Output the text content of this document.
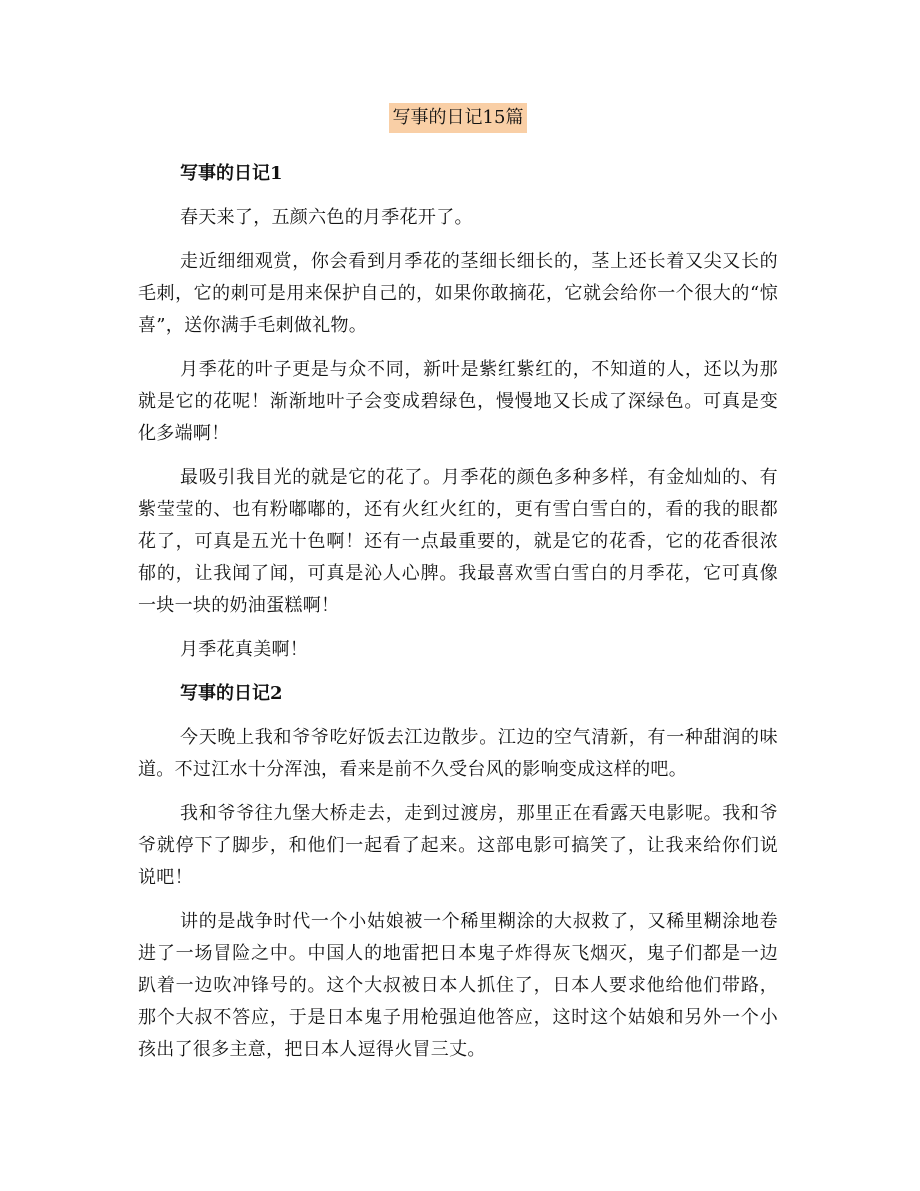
写事的日记15篇
写事的日记1

春天来了，五颜六色的月季花开了。

走近细细观赏，你会看到月季花的茎细长细长的，茎上还长着又尖又长的毛刺，它的刺可是用来保护自己的，如果你敢摘花，它就会给你一个很大的“惊喜”，送你满手毛刺做礼物。

月季花的叶子更是与众不同，新叶是紫红紫红的，不知道的人，还以为那就是它的花呢！渐渐地叶子会变成碧绿色，慢慢地又长成了深绿色。可真是变化多端啊！

最吸引我目光的就是它的花了。月季花的颜色多种多样，有金灿灿的、有紫莹莹的、也有粉嘟嘟的，还有火红火红的，更有雪白雪白的，看的我的眼都花了，可真是五光十色啊！还有一点最重要的，就是它的花香，它的花香很浓郁的，让我闻了闻，可真是沁人心脾。我最喜欢雪白雪白的月季花，它可真像一块一块的奶油蛋糕啊！

月季花真美啊！

写事的日记2

今天晚上我和爷爷吃好饭去江边散步。江边的空气清新，有一种甜润的味道。不过江水十分浑浊，看来是前不久受台风的影响变成这样的吧。

我和爷爷往九堡大桥走去，走到过渡房，那里正在看露天电影呢。我和爷爷就停下了脚步，和他们一起看了起来。这部电影可搞笑了，让我来给你们说说吧！

讲的是战争时代一个小姑娘被一个稀里糊涂的大叔救了，又稀里糊涂地卷进了一场冒险之中。中国人的地雷把日本鬼子炸得灰飞烟灭，鬼子们都是一边趴着一边吹冲锋号的。这个大叔被日本人抓住了，日本人要求他给他们带路，那个大叔不答应，于是日本鬼子用枪强迫他答应，这时这个姑娘和另外一个小孩出了很多主意，把日本人逗得火冒三丈。
